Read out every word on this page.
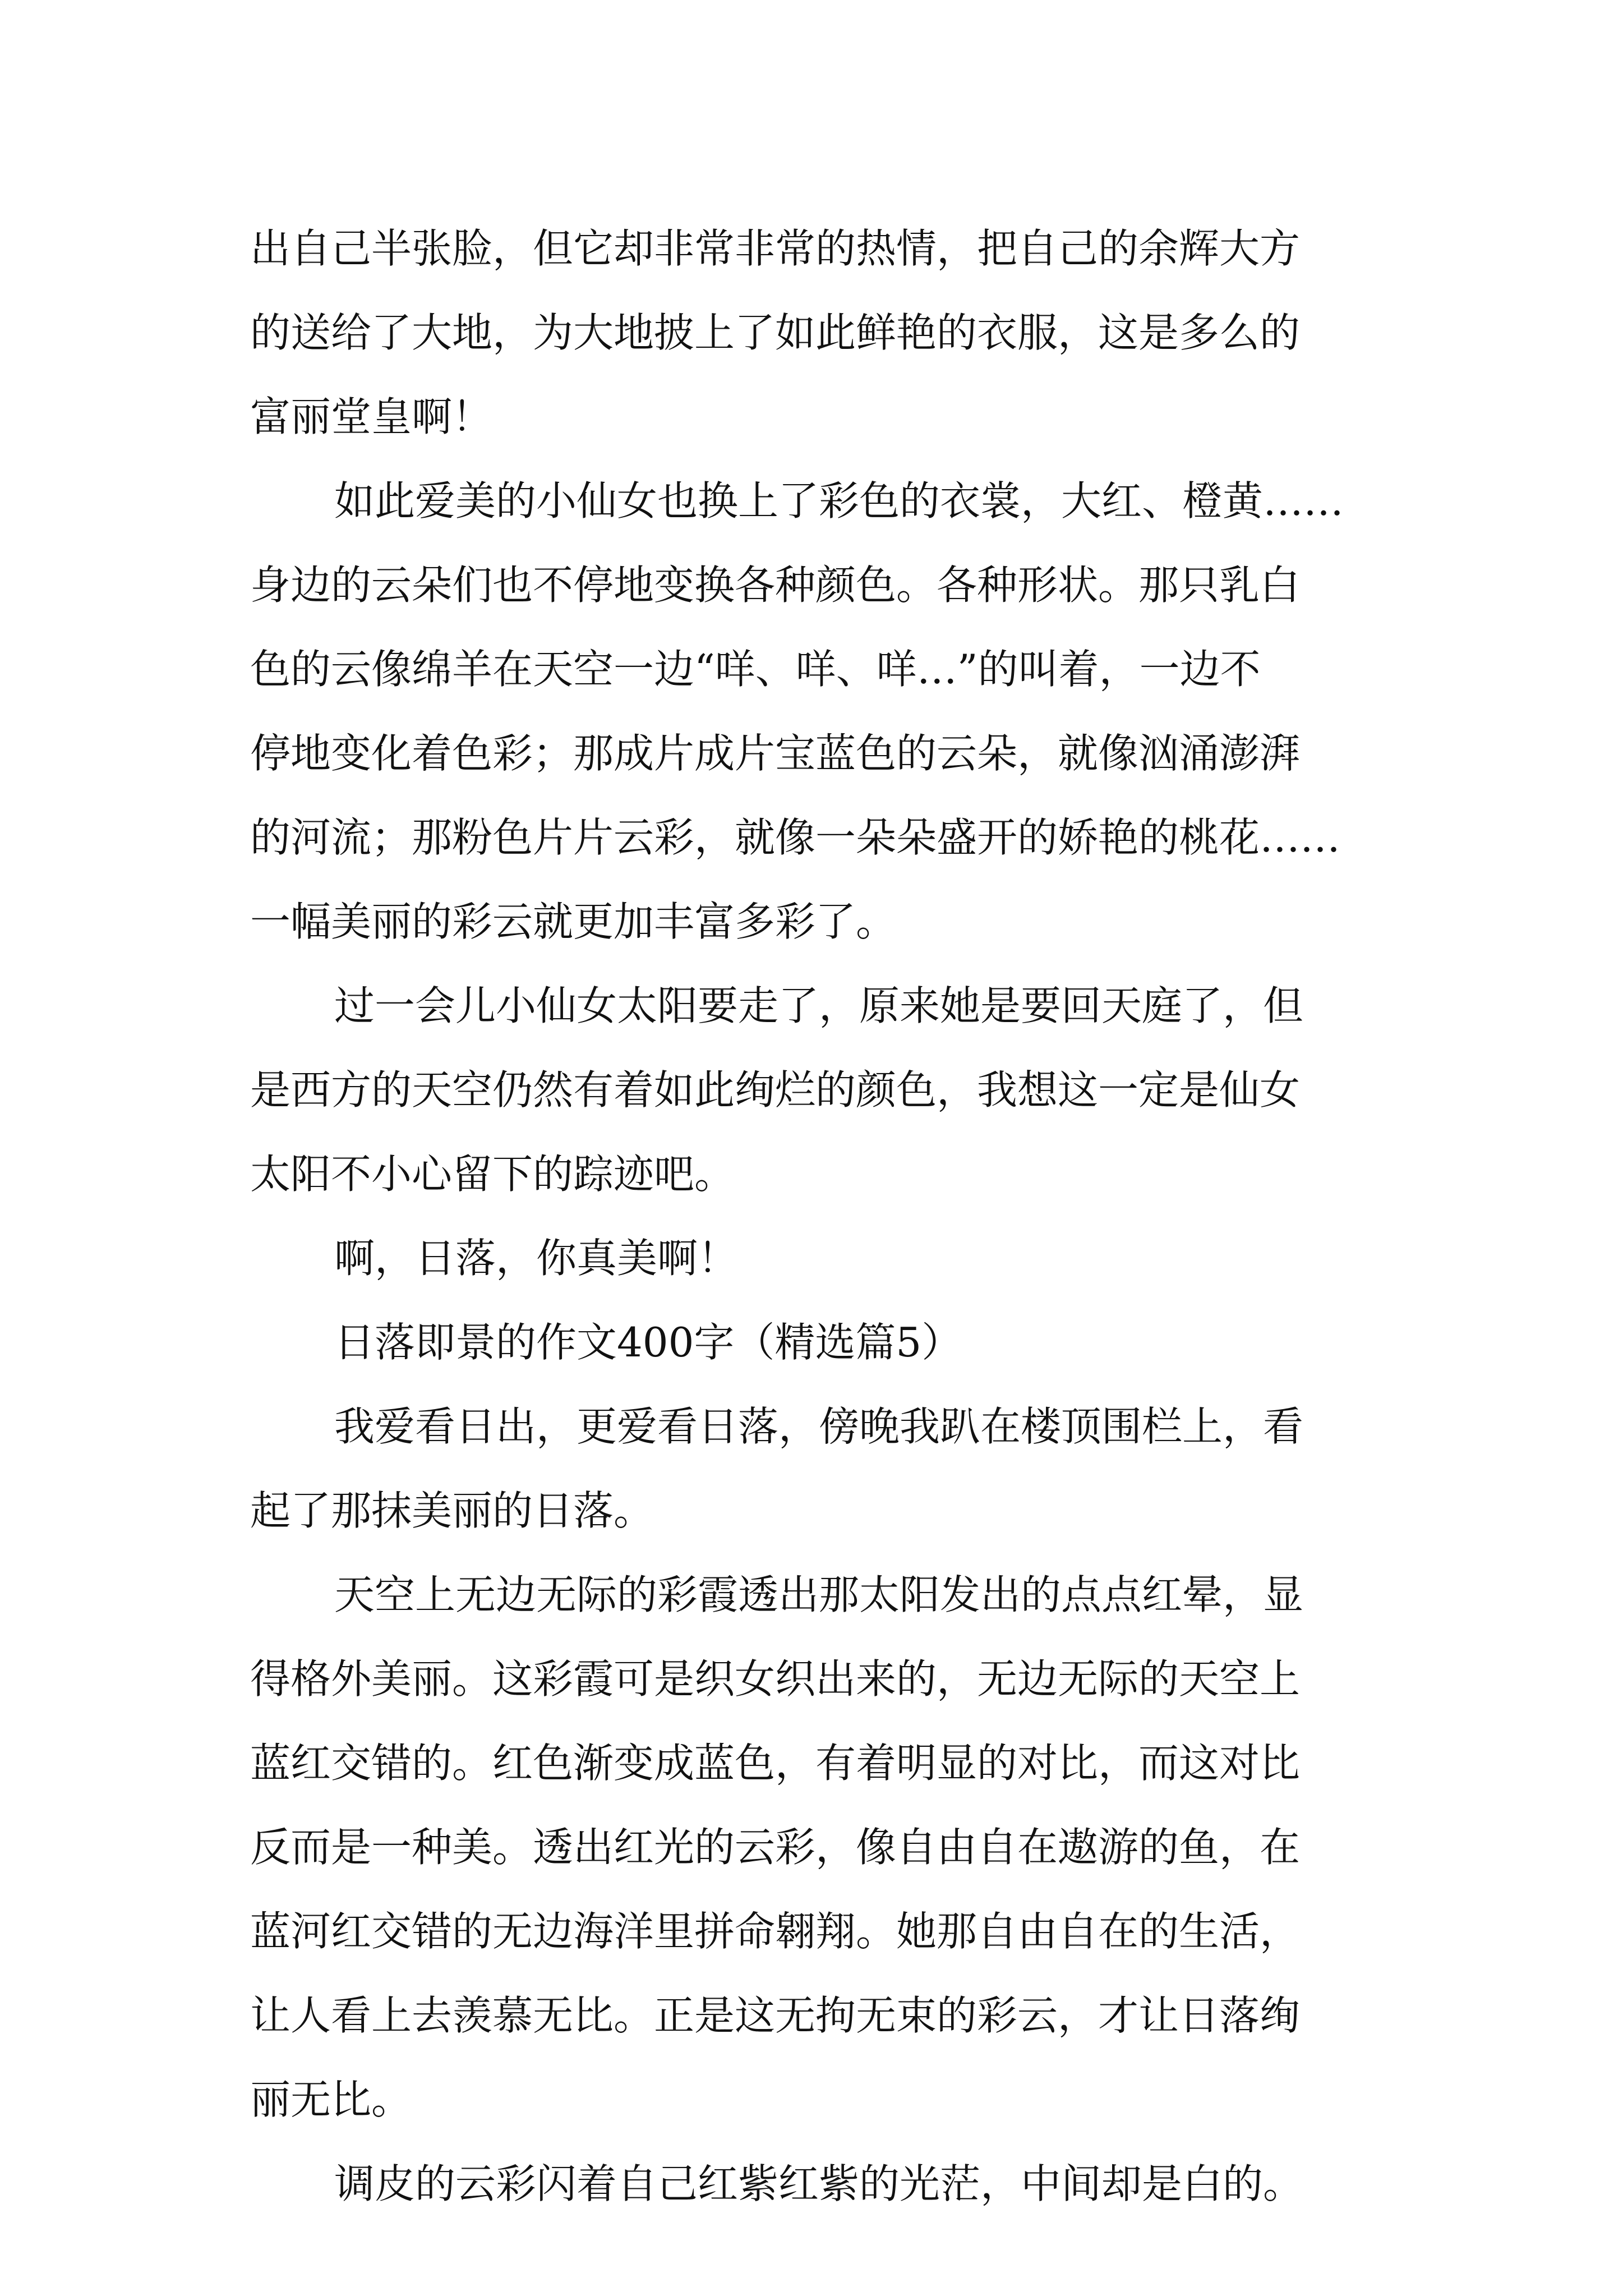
出自己半张脸，但它却非常非常的热情，把自己的余辉大方
的送给了大地，为大地披上了如此鲜艳的衣服，这是多么的
富丽堂皇啊！
如此爱美的小仙女也换上了彩色的衣裳，大红、橙黄……
身边的云朵们也不停地变换各种颜色。各种形状。那只乳白
色的云像绵羊在天空一边“咩、咩、咩…”的叫着，一边不
停地变化着色彩；那成片成片宝蓝色的云朵，就像汹涌澎湃
的河流；那粉色片片云彩，就像一朵朵盛开的娇艳的桃花……
一幅美丽的彩云就更加丰富多彩了。
过一会儿小仙女太阳要走了，原来她是要回天庭了，但
是西方的天空仍然有着如此绚烂的颜色，我想这一定是仙女
太阳不小心留下的踪迹吧。
啊，日落，你真美啊！
日落即景的作文400字（精选篇5）
我爱看日出，更爱看日落，傍晚我趴在楼顶围栏上，看
起了那抹美丽的日落。
天空上无边无际的彩霞透出那太阳发出的点点红晕，显
得格外美丽。这彩霞可是织女织出来的，无边无际的天空上
蓝红交错的。红色渐变成蓝色，有着明显的对比，而这对比
反而是一种美。透出红光的云彩，像自由自在遨游的鱼，在
蓝河红交错的无边海洋里拼命翱翔。她那自由自在的生活，
让人看上去羡慕无比。正是这无拘无束的彩云，才让日落绚
丽无比。
调皮的云彩闪着自己红紫红紫的光茫，中间却是白的。
